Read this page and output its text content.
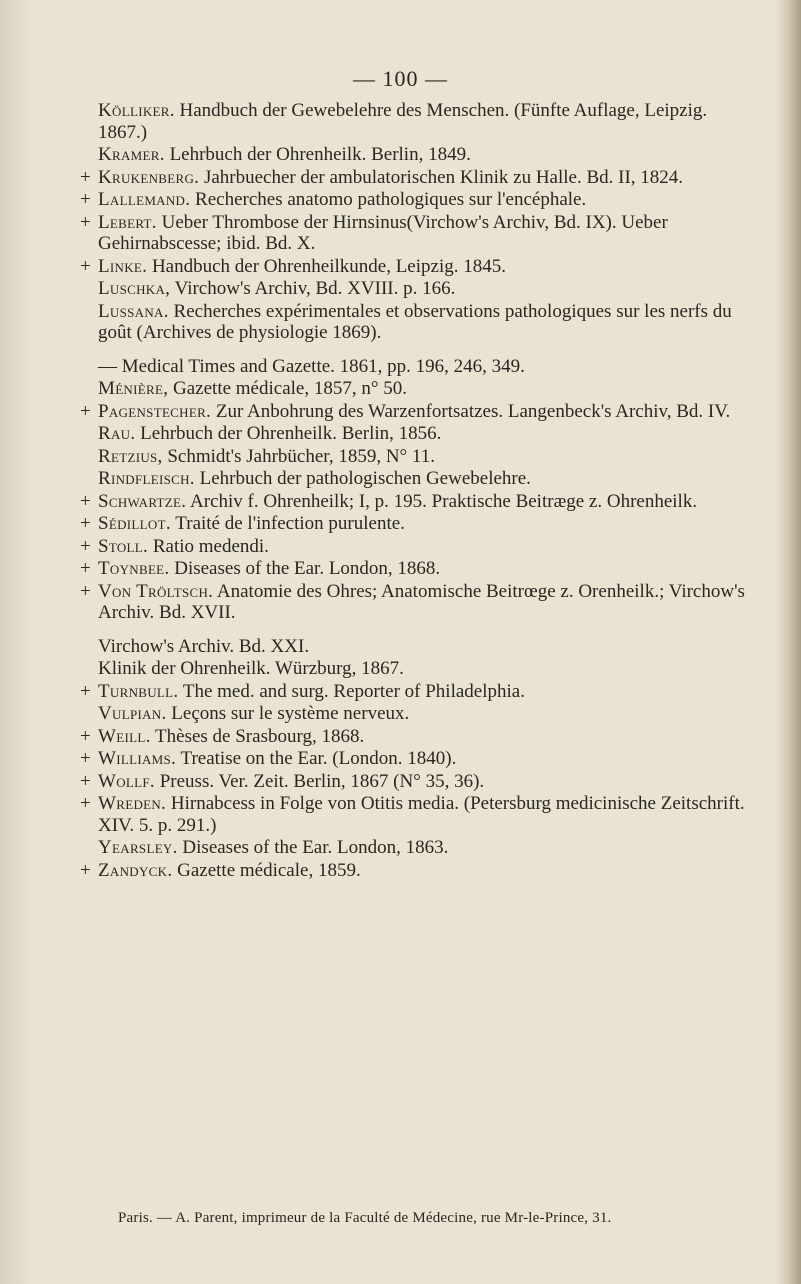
— 100 —
Kölliker. Handbuch der Gewebelehre des Menschen. (Fünfte Auflage, Leipzig. 1867.)
Kramer. Lehrbuch der Ohrenheilk. Berlin, 1849.
+ Krukenberg. Jahrbuecher der ambulatorischen Klinik zu Halle. Bd. II, 1824.
+ Lallemand. Recherches anatomo pathologiques sur l'encéphale.
+ Lebert. Ueber Thrombose der Hirnsinus(Virchow's Archiv, Bd. IX). Ueber Gehirnabscesse; ibid. Bd. X.
+ Linke. Handbuch der Ohrenheilkunde, Leipzig. 1845.
Luschka, Virchow's Archiv, Bd. XVIII. p. 166.
Lussana. Recherches expérimentales et observations pathologiques sur les nerfs du goût (Archives de physiologie 1869).
— Medical Times and Gazette. 1861, pp. 196, 246, 349.
Ménière, Gazette médicale, 1857, n° 50.
+ Pagenstecher. Zur Anbohrung des Warzenfortsatzes. Langenbeck's Archiv, Bd. IV.
Rau. Lehrbuch der Ohrenheilk. Berlin, 1856.
Retzius, Schmidt's Jahrbücher, 1859, N° 11.
Rindfleisch. Lehrbuch der pathologischen Gewebelehre.
+ Schwartze. Archiv f. Ohrenheilk; I, p. 195. Praktische Beitræge z. Ohrenheilk.
+ Sédillot. Traité de l'infection purulente.
+ Stoll. Ratio medendi.
+ Toynbee. Diseases of the Ear. London, 1868.
+ Von Tröltsch. Anatomie des Ohres; Anatomische Beitrœge z. Orenheilk.; Virchow's Archiv. Bd. XVII.
Virchow's Archiv. Bd. XXI.
Klinik der Ohrenheilk. Würzburg, 1867.
+ Turnbull. The med. and surg. Reporter of Philadelphia.
Vulpian. Leçons sur le système nerveux.
+ Weill. Thèses de Srasbourg, 1868.
+ Williams. Treatise on the Ear. (London. 1840).
+ Wollf. Preuss. Ver. Zeit. Berlin, 1867 (N° 35, 36).
+ Wreden. Hirnabcess in Folge von Otitis media. (Petersburg medicinische Zeitschrift. XIV. 5. p. 291.)
Yearsley. Diseases of the Ear. London, 1863.
+ Zandyck. Gazette médicale, 1859.
Paris. — A. Parent, imprimeur de la Faculté de Médecine, rue Mr-le-Prince, 31.
